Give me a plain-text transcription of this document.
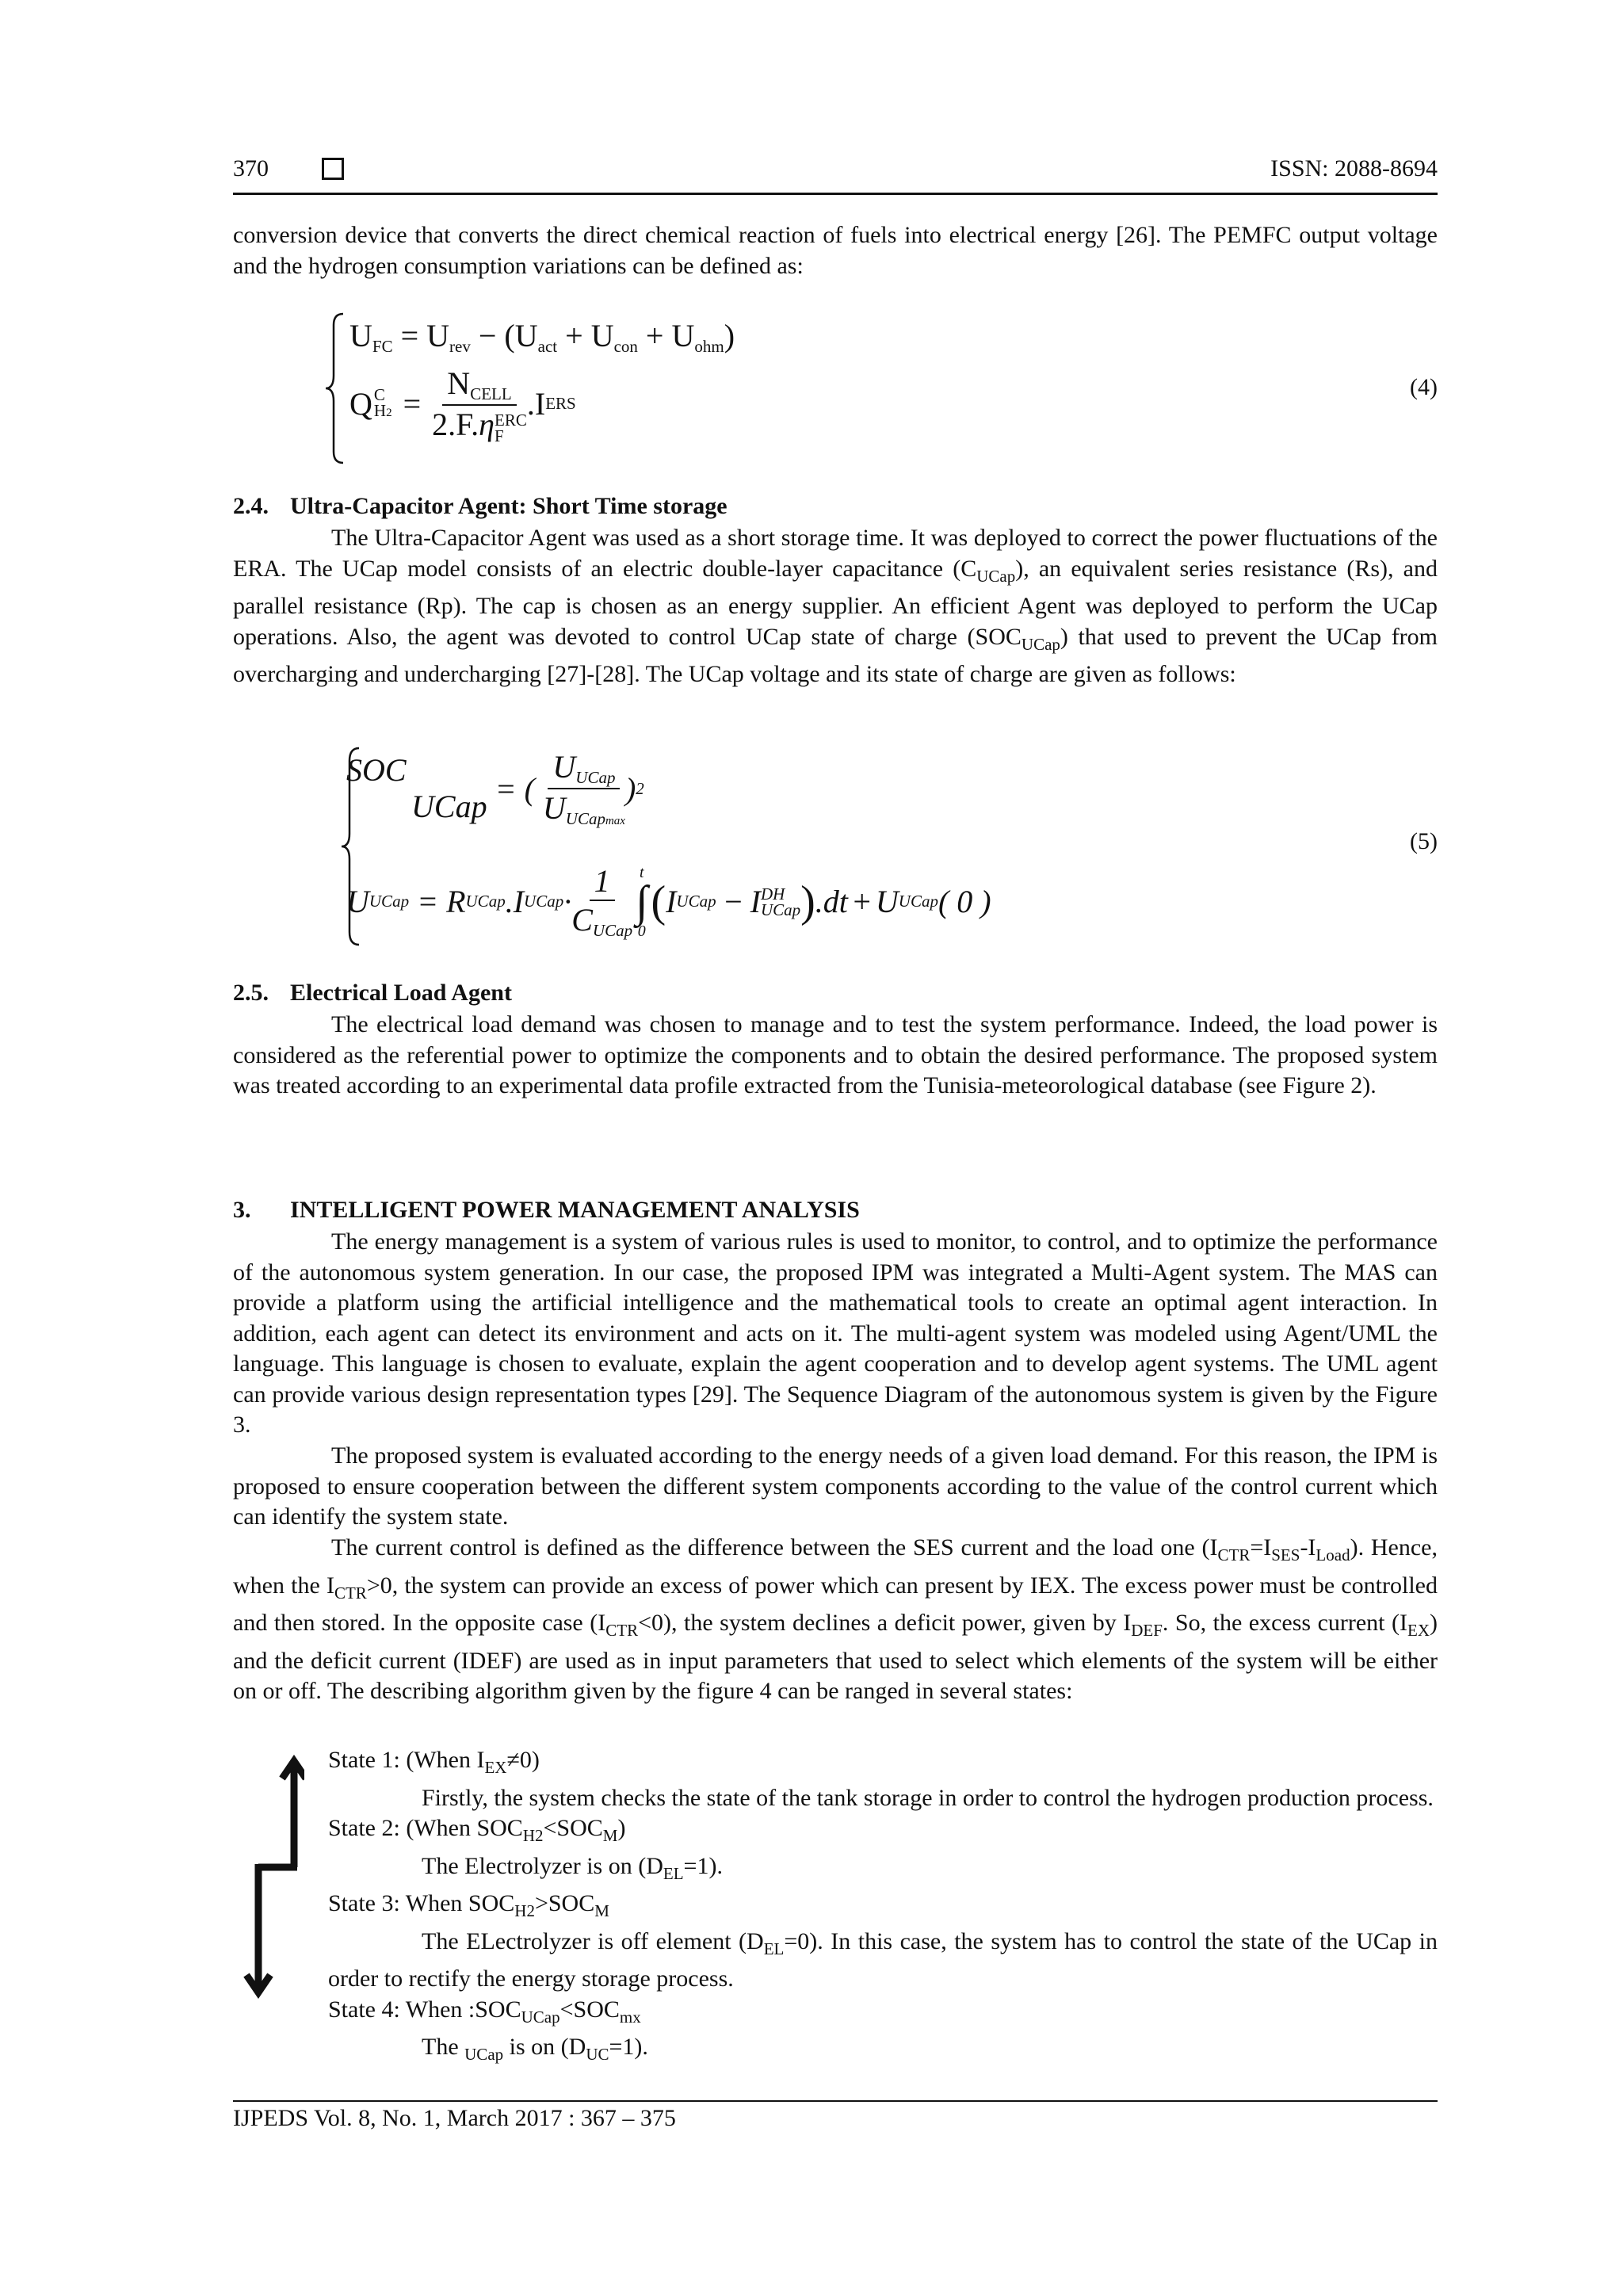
370	ISSN: 2088-8694
conversion device that converts the direct chemical reaction of fuels into electrical energy [26]. The PEMFC output voltage and the hydrogen consumption variations can be defined as:
$U_{FC} = U_{rev} - (U_{act} + U_{con} + U_{ohm})$
Q C
$H2 = N_{CELL}$
2.F.η ERC
F .I ERS
(4)
2.4. Ultra-Capacitor Agent: Short Time storage
The Ultra-Capacitor Agent was used as a short storage time. It was deployed to correct the power fluctuations of the ERA. The UCap model consists of an electric double-layer capacitance $(C_{UCap})$, an equivalent series resistance (Rs), and parallel resistance (Rp). The cap is chosen as an energy supplier. An efficient Agent was deployed to perform the UCap operations. Also, the agent was devoted to control UCap state of charge $(SOC_{UCap})$ that used to prevent the UCap from overcharging and undercharging [27]-[28]. The UCap voltage and its state of charge are given as follows:
SOC
UCap = ( $\frac{U_{UCap}}{U_{UCapmax}}$ ) 2
U UCap = R UCap .I UCap · $\frac{1}{C_{UCap}}$ t
∫
0
( I UCap − I DH
UCap ) .dt + U UCap ( 0 )
(5)
2.5. Electrical Load Agent
The electrical load demand was chosen to manage and to test the system performance. Indeed, the load power is considered as the referential power to optimize the components and to obtain the desired performance. The proposed system was treated according to an experimental data profile extracted from the Tunisia-meteorological database (see Figure 2).
3. INTELLIGENT POWER MANAGEMENT ANALYSIS
The energy management is a system of various rules is used to monitor, to control, and to optimize the performance of the autonomous system generation. In our case, the proposed IPM was integrated a Multi-Agent system. The MAS can provide a platform using the artificial intelligence and the mathematical tools to create an optimal agent interaction. In addition, each agent can detect its environment and acts on it. The multi-agent system was modeled using Agent/UML the language. This language is chosen to evaluate, explain the agent cooperation and to develop agent systems. The UML agent can provide various design representation types [29]. The Sequence Diagram of the autonomous system is given by the Figure 3.
The proposed system is evaluated according to the energy needs of a given load demand. For this reason, the IPM is proposed to ensure cooperation between the different system components according to the value of the control current which can identify the system state.
The current control is defined as the difference between the SES current and the load one $(I_{CTR}=I_{SES}-I_{Load})$. Hence, when the $I_{CTR}>0$, the system can provide an excess of power which can present by IEX. The excess power must be controlled and then stored. In the opposite case $(I_{CTR}<0)$, the system declines a deficit power, given by $I_{DEF}$. So, the excess current $(I_{EX})$ and the deficit current (IDEF) are used as in input parameters that used to select which elements of the system will be either on or off. The describing algorithm given by the figure 4 can be ranged in several states:
State 1: (When $I_{EX}\ne 0$)
Firstly, the system checks the state of the tank storage in order to control the hydrogen production process.
State 2: (When $SOC_{H2}<SOC_M$)
The Electrolyzer is on $(D_{EL}=1)$.
State 3: When $SOC_{H2}>SOC_M$
The ELectrolyzer is off element $(D_{EL}=0)$. In this case, the system has to control the state of the UCap in order to rectify the energy storage process.
State 4: When $:SOC_{UCap}<SOC_{mx}$
The $_{UCap}$ is on $(D_{UC}=1)$.
IJPEDS Vol. 8, No. 1, March 2017 : 367 – 375
